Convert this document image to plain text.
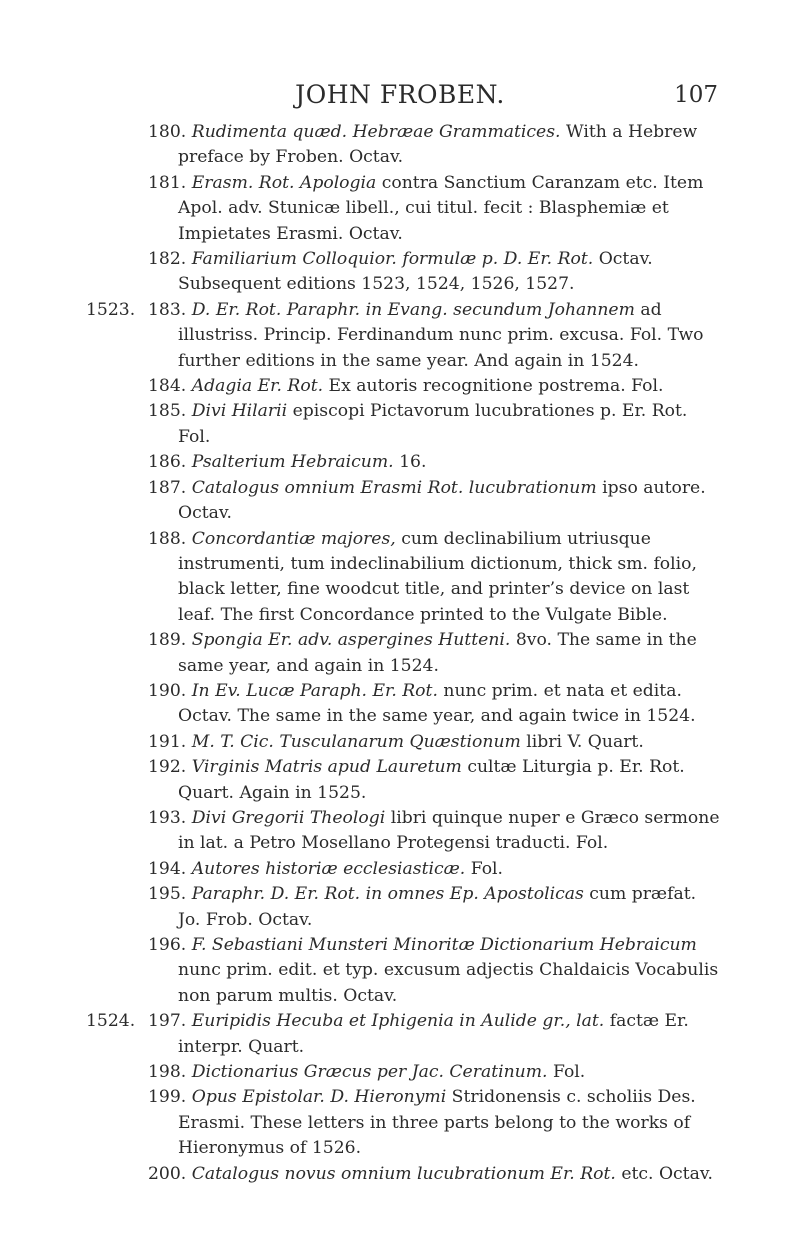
JOHN FROBEN.	107

180. Rudimenta quæd. Hebræae Grammatices. With a Hebrew preface by Froben. Octav.

181. Erasm. Rot. Apologia contra Sanctium Caranzam etc. Item Apol. adv. Stunicæ libell., cui titul. fecit : Blasphemiæ et Impietates Erasmi. Octav.

182. Familiarium Colloquior. formulæ p. D. Er. Rot. Octav. Subsequent editions 1523, 1524, 1526, 1527.

1523. 183. D. Er. Rot. Paraphr. in Evang. secundum Johannem ad illustriss. Princip. Ferdinandum nunc prim. excusa. Fol. Two further editions in the same year. And again in 1524.

184. Adagia Er. Rot. Ex autoris recognitione postrema. Fol.

185. Divi Hilarii episcopi Pictavorum lucubrationes p. Er. Rot. Fol.

186. Psalterium Hebraicum. 16.

187. Catalogus omnium Erasmi Rot. lucubrationum ipso autore. Octav.

188. Concordantiæ majores, cum declinabilium utriusque instrumenti, tum indeclinabilium dictionum, thick sm. folio, black letter, fine woodcut title, and printer’s device on last leaf. The first Concordance printed to the Vulgate Bible.

189. Spongia Er. adv. aspergines Hutteni. 8vo. The same in the same year, and again in 1524.

190. In Ev. Lucæ Paraph. Er. Rot. nunc prim. et nata et edita. Octav. The same in the same year, and again twice in 1524.

191. M. T. Cic. Tusculanarum Quæstionum libri V. Quart.

192. Virginis Matris apud Lauretum cultæ Liturgia p. Er. Rot. Quart. Again in 1525.

193. Divi Gregorii Theologi libri quinque nuper e Græco sermone in lat. a Petro Mosellano Protegensi traducti. Fol.

194. Autores historiæ ecclesiasticæ. Fol.

195. Paraphr. D. Er. Rot. in omnes Ep. Apostolicas cum præfat. Jo. Frob. Octav.

196. F. Sebastiani Munsteri Minoritæ Dictionarium Hebraicum nunc prim. edit. et typ. excusum adjectis Chaldaicis Vocabulis non parum multis. Octav.

1524. 197. Euripidis Hecuba et Iphigenia in Aulide gr., lat. factæ Er. interpr. Quart.

198. Dictionarius Græcus per Jac. Ceratinum. Fol.

199. Opus Epistolar. D. Hieronymi Stridonensis c. scholiis Des. Erasmi. These letters in three parts belong to the works of Hieronymus of 1526.

200. Catalogus novus omnium lucubrationum Er. Rot. etc. Octav.
